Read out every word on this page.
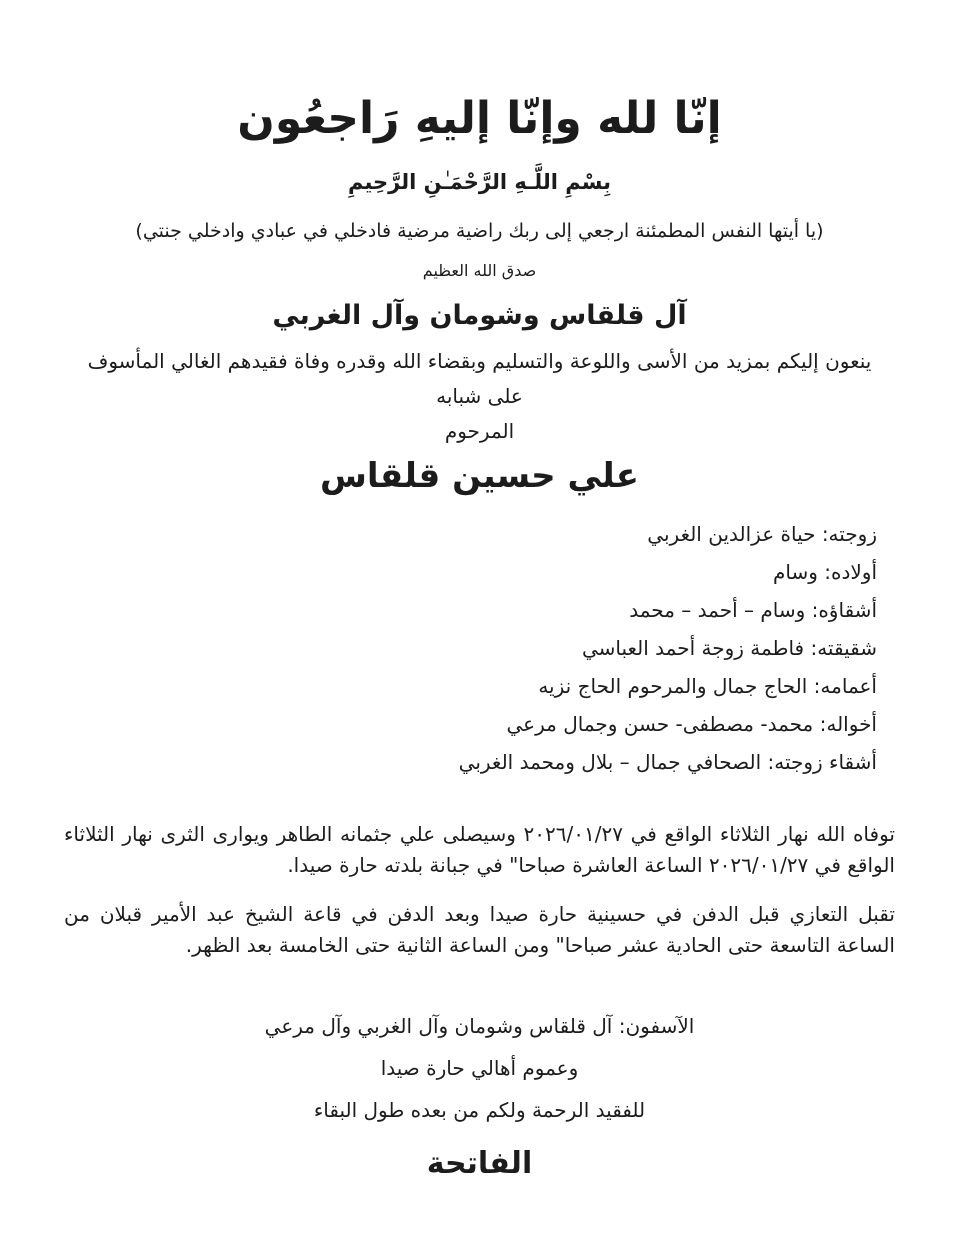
إنّا لله وإنّا إليهِ رَاجعُون
بِسْمِ اللَّـهِ الرَّحْمَـٰنِ الرَّحِيمِ
(يا أيتها النفس المطمئنة ارجعي إلى ربك راضية مرضية فادخلي في عبادي وادخلي جنتي)
صدق الله العظيم
آل قلقاس وشومان وآل الغربي

ينعون إليكم بمزيد من الأسى واللوعة والتسليم وبقضاء الله وقدره وفاة فقيدهم الغالي المأسوف على شبابه

المرحوم
علي حسين قلقاس
زوجته: حياة عزالدين الغربي
أولاده: وسام
أشقاؤه: وسام – أحمد – محمد
شقيقته: فاطمة زوجة أحمد العباسي
أعمامه: الحاج جمال والمرحوم الحاج نزيه
أخواله: محمد- مصطفى- حسن وجمال مرعي
أشقاء زوجته: الصحافي جمال – بلال ومحمد الغربي

توفاه الله نهار الثلاثاء الواقع في ٢٠٢٦/٠١/٢٧ وسيصلى علي جثمانه الطاهر ويوارى الثرى نهار الثلاثاء الواقع في ٢٠٢٦/٠١/٢٧ الساعة العاشرة صباحا" في جبانة بلدته حارة صيدا.

تقبل التعازي قبل الدفن في حسينية حارة صيدا وبعد الدفن في قاعة الشيخ عبد الأمير قبلان من الساعة التاسعة حتى الحادية عشر صباحا" ومن الساعة الثانية حتى الخامسة بعد الظهر.

الآسفون: آل قلقاس وشومان وآل الغربي وآل مرعي
وعموم أهالي حارة صيدا
للفقيد الرحمة ولكم من بعده طول البقاء
الفاتحة
